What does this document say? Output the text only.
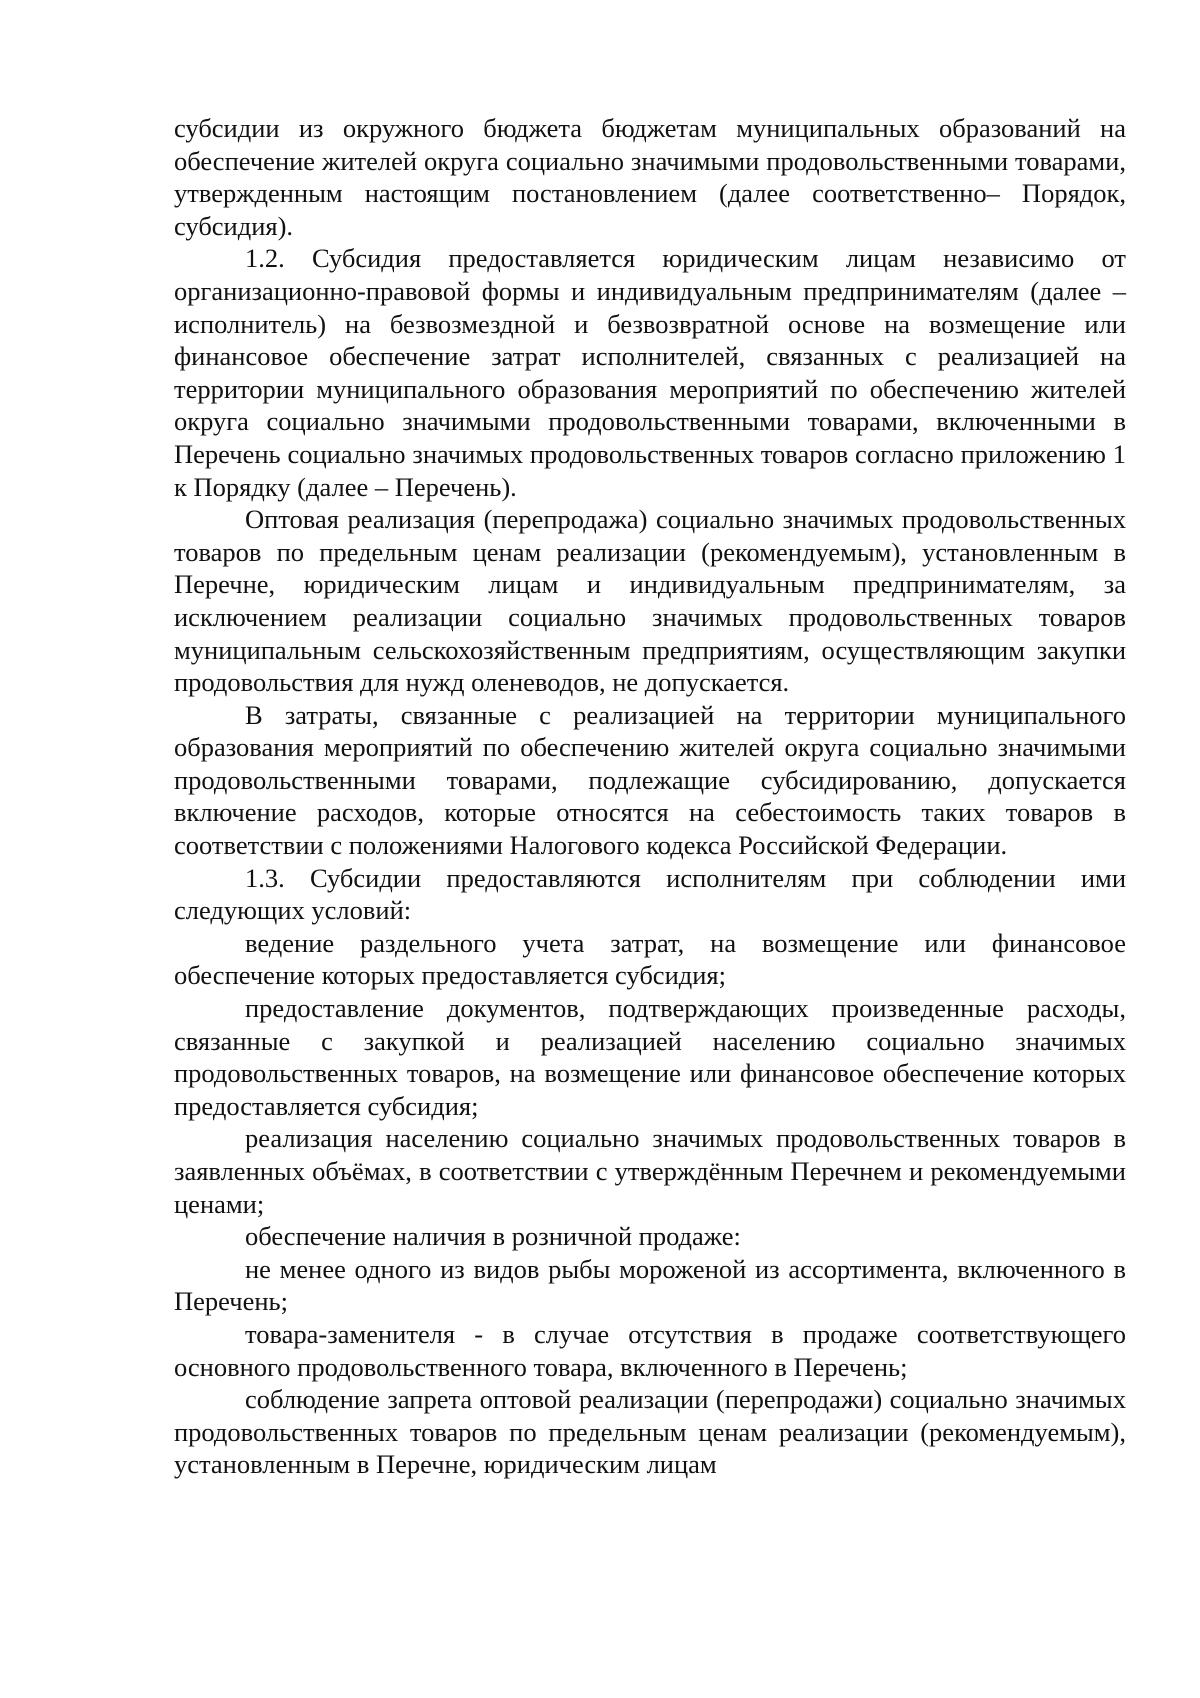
субсидии из окружного бюджета бюджетам муниципальных образований на обеспечение жителей округа социально значимыми продовольственными товарами, утвержденным настоящим постановлением (далее соответственно– Порядок, субсидия).

1.2. Субсидия предоставляется юридическим лицам независимо от организационно-правовой формы и индивидуальным предпринимателям (далее – исполнитель) на безвозмездной и безвозвратной основе на возмещение или финансовое обеспечение затрат исполнителей, связанных с реализацией на территории муниципального образования мероприятий по обеспечению жителей округа социально значимыми продовольственными товарами, включенными в Перечень социально значимых продовольственных товаров согласно приложению 1 к Порядку (далее – Перечень).

Оптовая реализация (перепродажа) социально значимых продовольственных товаров по предельным ценам реализации (рекомендуемым), установленным в Перечне, юридическим лицам и индивидуальным предпринимателям, за исключением реализации социально значимых продовольственных товаров муниципальным сельскохозяйственным предприятиям, осуществляющим закупки продовольствия для нужд оленеводов, не допускается.

В затраты, связанные с реализацией на территории муниципального образования мероприятий по обеспечению жителей округа социально значимыми продовольственными товарами, подлежащие субсидированию, допускается включение расходов, которые относятся на себестоимость таких товаров в соответствии с положениями Налогового кодекса Российской Федерации.

1.3. Субсидии предоставляются исполнителям при соблюдении ими следующих условий:

ведение раздельного учета затрат, на возмещение или финансовое обеспечение которых предоставляется субсидия;

предоставление документов, подтверждающих произведенные расходы, связанные с закупкой и реализацией населению социально значимых продовольственных товаров, на возмещение или финансовое обеспечение которых предоставляется субсидия;

реализация населению социально значимых продовольственных товаров в заявленных объёмах, в соответствии с утверждённым Перечнем и рекомендуемыми ценами;

обеспечение наличия в розничной продаже:

не менее одного из видов рыбы мороженой из ассортимента, включенного в Перечень;

товара-заменителя - в случае отсутствия в продаже соответствующего основного продовольственного товара, включенного в Перечень;

соблюдение запрета оптовой реализации (перепродажи) социально значимых продовольственных товаров по предельным ценам реализации (рекомендуемым), установленным в Перечне, юридическим лицам
